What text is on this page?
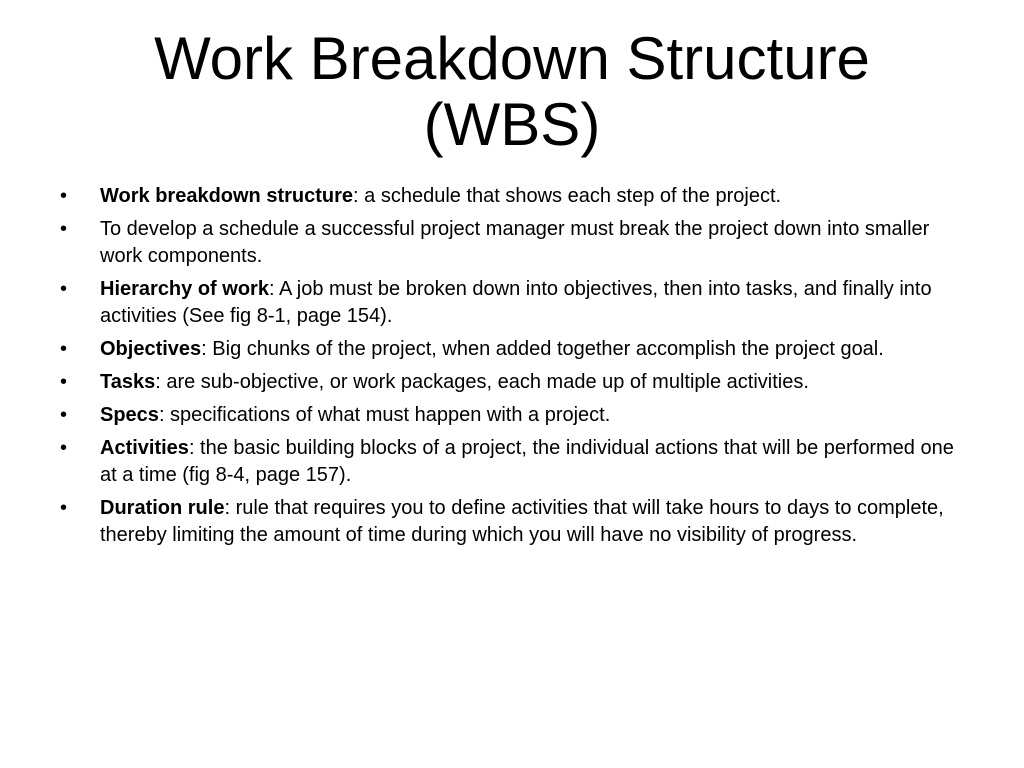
Work Breakdown Structure
(WBS)
• Work breakdown structure: a schedule that shows each step of the project.
• To develop a schedule a successful project manager must break the project down into smaller work components.
• Hierarchy of work: A job must be broken down into objectives, then into tasks, and finally into activities (See fig 8-1, page 154).
• Objectives: Big chunks of the project, when added together accomplish the project goal.
• Tasks: are sub-objective, or work packages, each made up of multiple activities.
• Specs: specifications of what must happen with a project.
• Activities: the basic building blocks of a project, the individual actions that will be performed one at a time (fig 8-4, page 157).
• Duration rule: rule that requires you to define activities that will take hours to days to complete, thereby limiting the amount of time during which you will have no visibility of progress.
